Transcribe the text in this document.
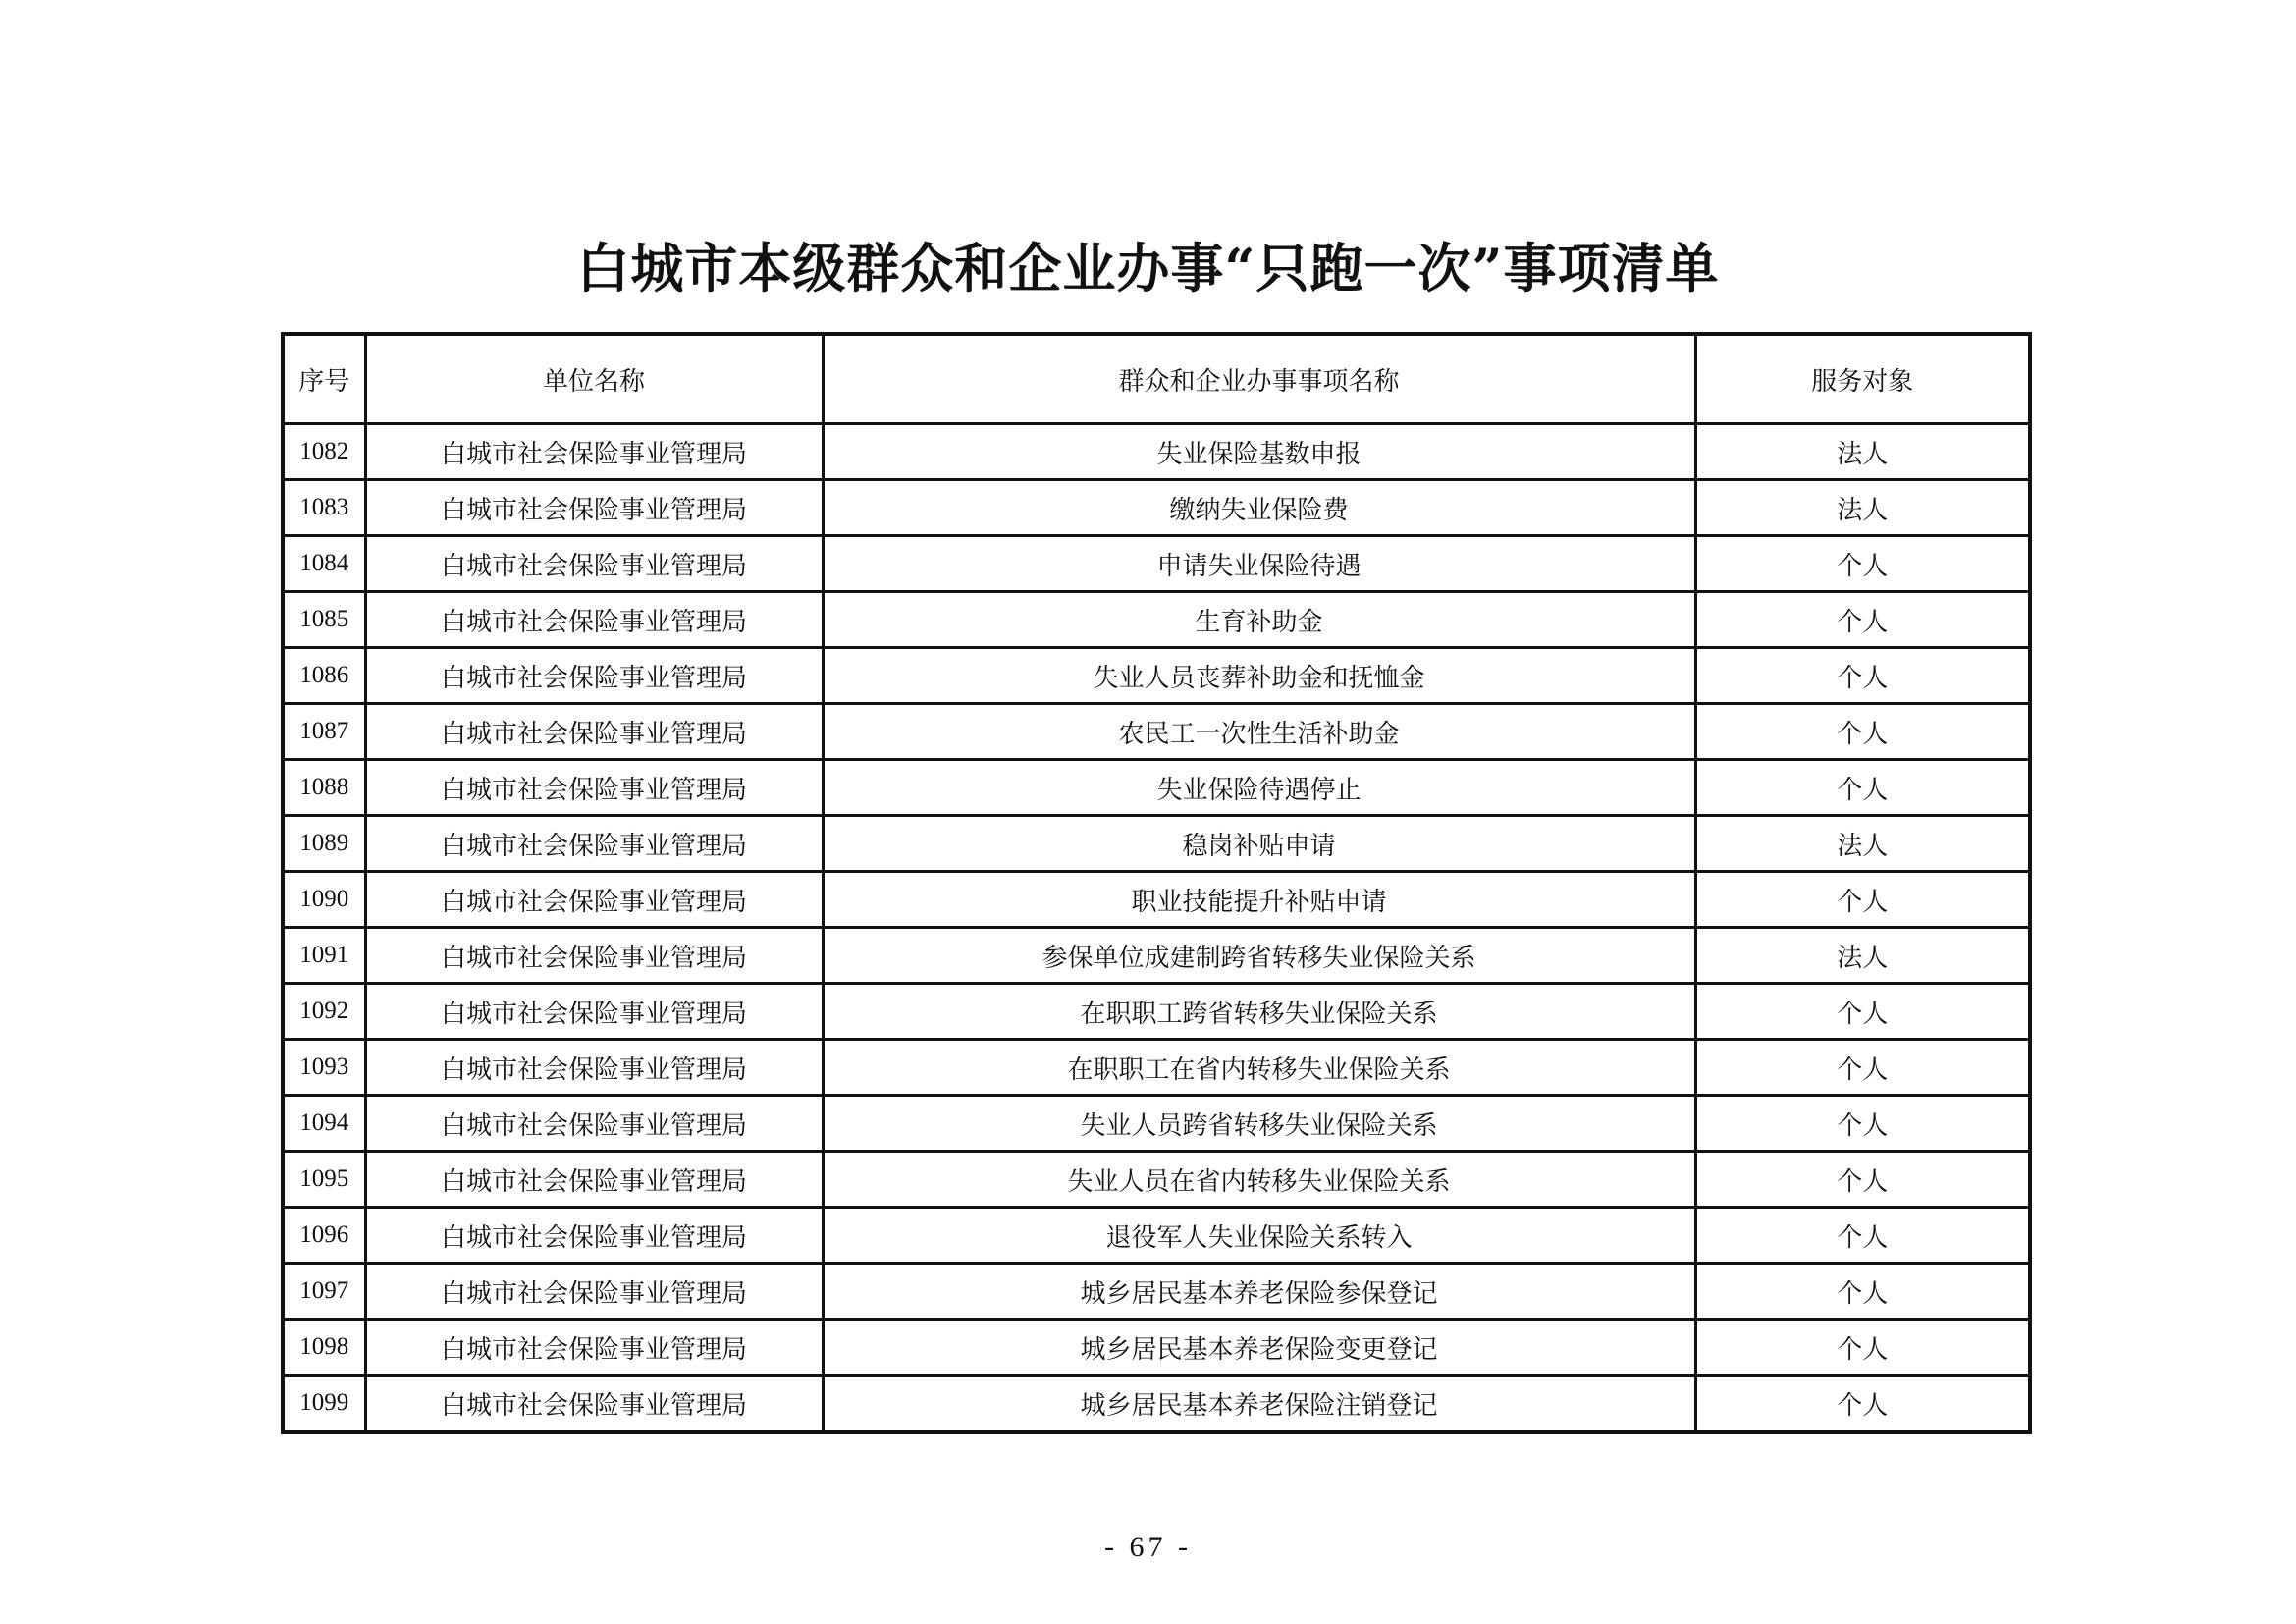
白城市本级群众和企业办事“只跑一次”事项清单
序号	单位名称	群众和企业办事事项名称	服务对象
1082	白城市社会保险事业管理局	失业保险基数申报	法人
1083	白城市社会保险事业管理局	缴纳失业保险费	法人
1084	白城市社会保险事业管理局	申请失业保险待遇	个人
1085	白城市社会保险事业管理局	生育补助金	个人
1086	白城市社会保险事业管理局	失业人员丧葬补助金和抚恤金	个人
1087	白城市社会保险事业管理局	农民工一次性生活补助金	个人
1088	白城市社会保险事业管理局	失业保险待遇停止	个人
1089	白城市社会保险事业管理局	稳岗补贴申请	法人
1090	白城市社会保险事业管理局	职业技能提升补贴申请	个人
1091	白城市社会保险事业管理局	参保单位成建制跨省转移失业保险关系	法人
1092	白城市社会保险事业管理局	在职职工跨省转移失业保险关系	个人
1093	白城市社会保险事业管理局	在职职工在省内转移失业保险关系	个人
1094	白城市社会保险事业管理局	失业人员跨省转移失业保险关系	个人
1095	白城市社会保险事业管理局	失业人员在省内转移失业保险关系	个人
1096	白城市社会保险事业管理局	退役军人失业保险关系转入	个人
1097	白城市社会保险事业管理局	城乡居民基本养老保险参保登记	个人
1098	白城市社会保险事业管理局	城乡居民基本养老保险变更登记	个人
1099	白城市社会保险事业管理局	城乡居民基本养老保险注销登记	个人
- 67 -
